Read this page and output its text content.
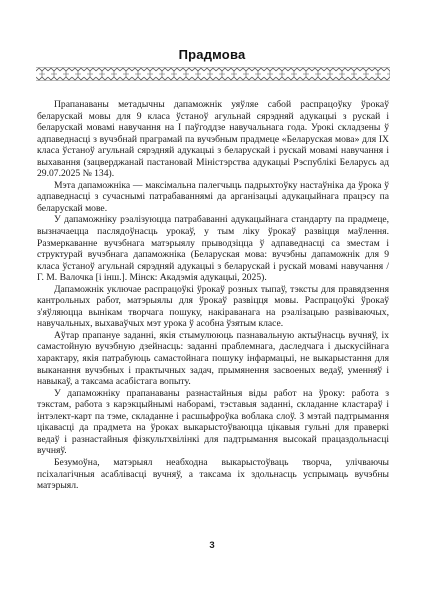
Прадмова

Прапанаваны метадычны дапаможнік уяўляе сабой распрацоўку ўрокаў беларускай мовы для 9 класа ўстаноў агульнай сярэдняй адукацыі з рускай і беларускай мовамі навучання на I паўгоддзе навучальнага года. Урокі складзены ў адпаведнасці з вучэбнай праграмай па вучэбным прадмеце «Беларуская мова» для IX класа ўстаноў агульнай сярэдняй адукацыі з беларускай і рускай мовамі навучання і выхавання (зацверджанай пастановай Міністэрства адукацыі Рэспублікі Беларусь ад 29.07.2025 № 134).

Мэта дапаможніка — максімальна палегчыць падрыхтоўку настаўніка да ўрока ў адпаведнасці з сучаснымі патрабаваннямі да арганізацыі адукацыйнага працэсу па беларускай мове.

У дапаможніку рэалізуюцца патрабаванні адукацыйнага стандарту па прадмеце, вызначаецца паслядоўнасць урокаў, у тым ліку ўрокаў развіцця маўлення. Размеркаванне вучэбнага матэрыялу прыводзіцца ў адпаведнасці са зместам і структурай вучэбнага дапаможніка (Беларуская мова: вучэбны дапаможнік для 9 класа ўстаноў агульнай сярэдняй адукацыі з беларускай і рускай мовамі навучання / Г. М. Валочка [і інш.]. Мінск: Акадэмія адукацыі, 2025).

Дапаможнік уключае распрацоўкі ўрокаў розных тыпаў, тэксты для правядзення кантрольных работ, матэрыялы для ўрокаў развіцця мовы. Распрацоўкі ўрокаў з'яўляюцца вынікам творчага пошуку, накіраванага на рэалізацыю развіваючых, навучальных, выхаваўчых мэт урока ў асобна ўзятым класе.

Аўтар прапануе заданні, якія стымулююць пазнавальную актыўнасць вучняў, іх самастойную вучэбную дзейнасць: заданні праблемнага, даследчага і дыскусійнага характару, якія патрабуюць самастойнага пошуку інфармацыі, не выкарыстання для выканання вучэбных і практычных задач, прымянення засвоеных ведаў, уменняў і навыкаў, а таксама асабістага вопыту.

У дапаможніку прапанаваны разнастайныя віды работ на ўроку: работа з тэкстам, работа з карэкцыйнымі наборамі, тэставыя заданні, складанне кластараў і інтэлект-карт па тэме, складанне і расшыфроўка воблака слоў. З мэтай падтрымання цікавасці да прадмета на ўроках выкарыстоўваюцца цікавыя гульні для праверкі ведаў і разнастайныя фізкультхвілінкі для падтрымання высокай працаздольнасці вучняў.

Безумоўна, матэрыял неабходна выкарыстоўваць творча, улічваючы псіхалагічныя асаблівасці вучняў, а таксама іх здольнасць успрымаць вучэбны матэрыял.

3
